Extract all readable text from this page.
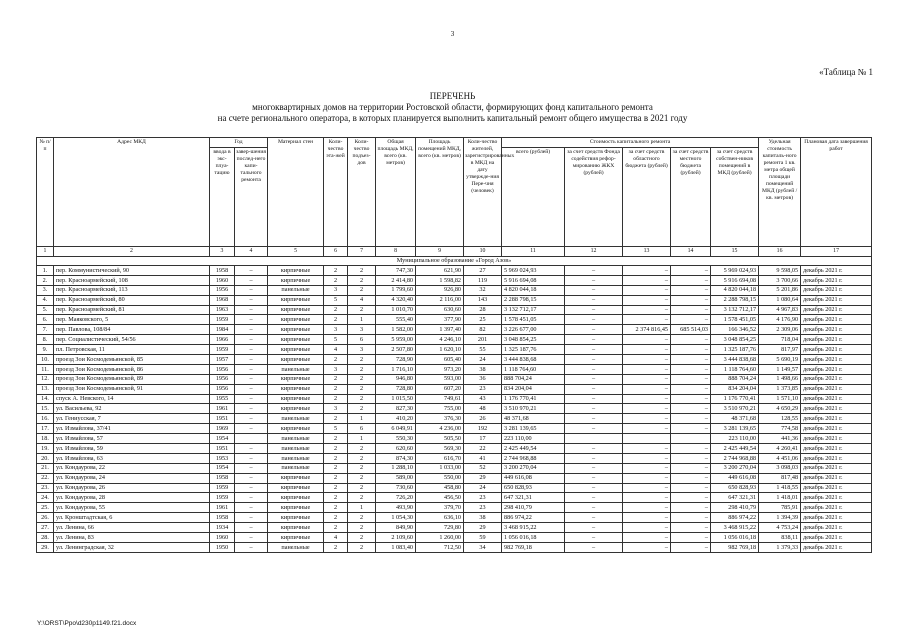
3
«Таблица № 1
ПЕРЕЧЕНЬ
многоквартирных домов на территории Ростовской области, формирующих фонд капитального ремонта
на счете регионального оператора, в которых планируется выполнить капитальный ремонт общего имущества в 2021 году
№ п/п	Адрес МКД	Год		Материал стен	Коли-чество эта-жей	Коли-чество подъез-дов	Общая площадь МКД, всего (кв. метров)	Площадь помещений МКД, всего (кв. метров)	Коли-чество жителей, зарегистрированных в МКД на дату утвержде-ния Пере-чня (человек)	Стоимость капитального ремонта					Удельная стоимость капиталь-ного ремонта 1 кв. метра общей площади помещений МКД (рублей / кв. метров)	Плановая дата завершения работ
		ввода в экс-плуа-тацию	завер-шения послед-него капи-тального ремонта							всего (рублей)	за счет средств Фонда содействия рефор-мированию ЖКХ (рублей)	за счет средств областного бюджета (рублей)	за счет средств местного бюджета (рублей)	за счет средств собствен-ников помещений в МКД (рублей)		
1	2	3	4	5	6	7	8	9	10	11	12	13	14	15	16	17
Муниципальное образование «Город Азов»																
1.	пер. Коммунистический, 90	1958	–	кирпичные	2	2	747,30	621,90	27	5 969 024,93	–	–	–	5 969 024,93	9 598,05	декабрь 2021 г.
2.	пер. Красноармейский, 108	1960	–	кирпичные	2	2	2 414,80	1 598,82	119	5 916 694,08	–	–	–	5 916 694,08	3 700,66	декабрь 2021 г.
3.	пер. Красноармейский, 113	1956	–	панельные	3	2	1 799,60	926,80	32	4 820 044,18	–	–	–	4 820 044,18	5 201,86	декабрь 2021 г.
4.	пер. Красноармейский, 80	1968	–	кирпичные	5	4	4 320,40	2 116,00	143	2 288 798,15	–	–	–	2 288 798,15	1 080,64	декабрь 2021 г.
5.	пер. Красноармейский, 81	1963	–	кирпичные	2	2	1 010,70	630,60	28	3 132 712,17	–	–	–	3 132 712,17	4 967,83	декабрь 2021 г.
6.	пер. Маяковского, 5	1959	–	кирпичные	2	1	555,40	377,90	25	1 578 451,05	–	–	–	1 578 451,05	4 176,90	декабрь 2021 г.
7.	пер. Павлова, 108/84	1984	–	кирпичные	3	3	1 582,00	1 397,40	82	3 226 677,00	–	2 374 816,45	685 514,03	166 346,52	2 309,06	декабрь 2021 г.
8.	пер. Социалистический, 54/56	1966	–	кирпичные	5	6	5 959,00	4 246,10	201	3 048 854,25	–	–	–	3 048 854,25	718,04	декабрь 2021 г.
9.	пл. Петровская, 11	1959	–	кирпичные	4	3	2 507,80	1 620,10	55	1 325 187,76	–	–	–	1 325 187,76	817,97	декабрь 2021 г.
10.	проезд Зои Космодемьянской, 85	1957	–	кирпичные	2	2	728,90	605,40	24	3 444 838,68	–	–	–	3 444 838,68	5 690,19	декабрь 2021 г.
11.	проезд Зои Космодемьянской, 86	1956	–	панельные	3	2	1 716,10	973,20	38	1 118 764,60	–	–	–	1 118 764,60	1 149,57	декабрь 2021 г.
12.	проезд Зои Космодемьянской, 89	1956	–	кирпичные	2	2	946,80	593,00	36	888 704,24	–	–	–	888 704,24	1 498,66	декабрь 2021 г.
13.	проезд Зои Космодемьянской, 91	1956	–	кирпичные	2	2	728,80	607,20	23	834 204,04	–	–	–	834 204,04	1 373,85	декабрь 2021 г.
14.	спуск А. Невского, 14	1955	–	кирпичные	2	2	1 015,50	749,61	43	1 176 770,41	–	–	–	1 176 770,41	1 571,10	декабрь 2021 г.
15.	ул. Васильева, 92	1961	–	кирпичные	3	2	827,30	755,00	48	3 510 970,21	–	–	–	3 510 970,21	4 650,29	декабрь 2021 г.
16.	ул. Гениусская, 7	1951	–	панельные	2	1	410,20	376,30	26	48 371,68	–	–	–	48 371,68	128,55	декабрь 2021 г.
17.	ул. Измайлова, 37/41	1969	–	кирпичные	5	6	6 049,91	4 236,00	192	3 281 139,65	–	–	–	3 281 139,65	774,58	декабрь 2021 г.
18.	ул. Измайлова, 57	1954		панельные	2	1	550,30	505,50	17	223 110,00				223 110,00	441,36	декабрь 2021 г.
19.	ул. Измайлова, 59	1951	–	панельные	2	2	620,60	569,30	22	2 425 449,54	–	–	–	2 425 449,54	4 260,41	декабрь 2021 г.
20.	ул. Измайлова, 63	1953	–	панельные	2	2	874,30	616,70	41	2 744 968,88	–	–	–	2 744 968,88	4 451,06	декабрь 2021 г.
21.	ул. Кондаурова, 22	1954	–	панельные	2	2	1 288,10	1 033,00	52	3 200 270,04	–	–	–	3 200 270,04	3 098,03	декабрь 2021 г.
22.	ул. Кондаурова, 24	1958	–	кирпичные	2	2	589,00	550,00	29	449 616,08	–	–	–	449 616,08	817,48	декабрь 2021 г.
23.	ул. Кондаурова, 26	1959	–	кирпичные	2	2	730,60	458,80	24	650 828,93	–	–	–	650 828,93	1 418,55	декабрь 2021 г.
24.	ул. Кондаурова, 28	1959	–	кирпичные	2	2	726,20	456,50	23	647 321,31	–	–	–	647 321,31	1 418,01	декабрь 2021 г.
25.	ул. Кондаурова, 55	1961	–	кирпичные	2	1	493,90	379,70	23	298 410,79	–	–	–	298 410,79	785,91	декабрь 2021 г.
26.	ул. Кронштадтская, 6	1958	–	кирпичные	2	2	1 054,30	636,10	38	886 974,22	–	–	–	886 974,22	1 394,39	декабрь 2021 г.
27.	ул. Ленина, 66	1934	–	кирпичные	2	2	849,90	729,80	29	3 468 915,22	–	–	–	3 468 915,22	4 753,24	декабрь 2021 г.
28.	ул. Ленина, 83	1960	–	кирпичные	4	2	2 109,60	1 260,00	59	1 056 016,18	–	–	–	1 056 016,18	838,11	декабрь 2021 г.
29.	ул. Ленинградская, 32	1950	–	панельные	2	2	1 083,40	712,50	34	982 769,18	–	–	–	982 769,18	1 379,33	декабрь 2021 г.
Y:\ORST\Ppo\d230p1149.f21.docx
